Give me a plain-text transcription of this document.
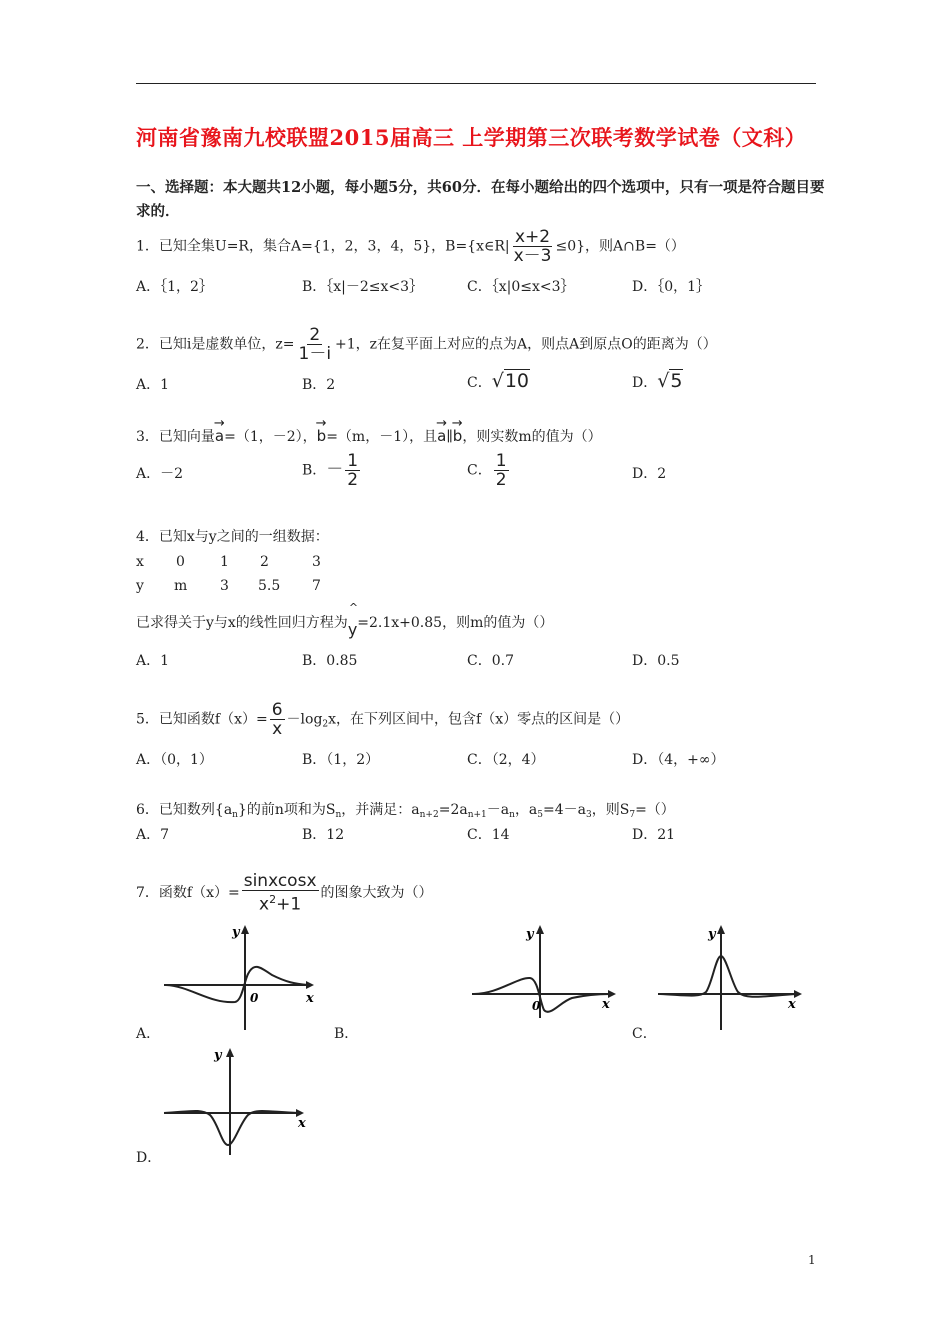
河南省豫南九校联盟2015届高三 上学期第三次联考数学试卷（文科）
一、选择题：本大题共12小题，每小题5分，共60分．在每小题给出的四个选项中，只有一项是符合题目要求的．
1．已知全集U=R，集合A={1，2，3，4，5}，B={x∈R| $\frac{x+2}{x-3} \le 0$}，则A∩B=（）
A．｛1，2｝	B．｛x|－2≤x<3｝	C．｛x|0≤x<3｝	D．｛0，1｝
2．已知i是虚数单位，$z= \frac{2}{1-i} +1$，z在复平面上对应的点为A，则点A到原点O的距离为（）
A．1	B．2	C．√10	D．√5
3．已知向量→ a=（1，－2），→ b=（m，－1），且→ a∥→ b，则实数m的值为（）
A．－2	B．－ $\frac{1}{2}$	C． $\frac{1}{2}$	D．2
4．已知x与y之间的一组数据：
x 0	1 2	3
y m 3 5.5 7
已求得关于y与x的线性回归方程为
^
y=2.1x+0.85，则m的值为（）
A．1	B．0.85	C．0.7	D．0.5
5．已知函数$f(x)= \frac{6}{x} -\log_2x$，在下列区间中，包含f（x）零点的区间是（）
A．（0，1）	B．（1，2）	C．（2，4）	D．（4，+∞）
6．已知数列$\{a_n\}$的前n项和为$S_n$，并满足：$a_{n+2}=2a_{n+1}-a_n$，$a_5=4-a_3$，则$S_7=()$
A．7	B．12	C．14	D．21
7．函数$f(x)= \frac{\text{sinxcosx}}{x^2+1}$ 的图象大致为（）
y
0	x
A．
y
0	x
B．
y
x
C．
y
x
D．
1
